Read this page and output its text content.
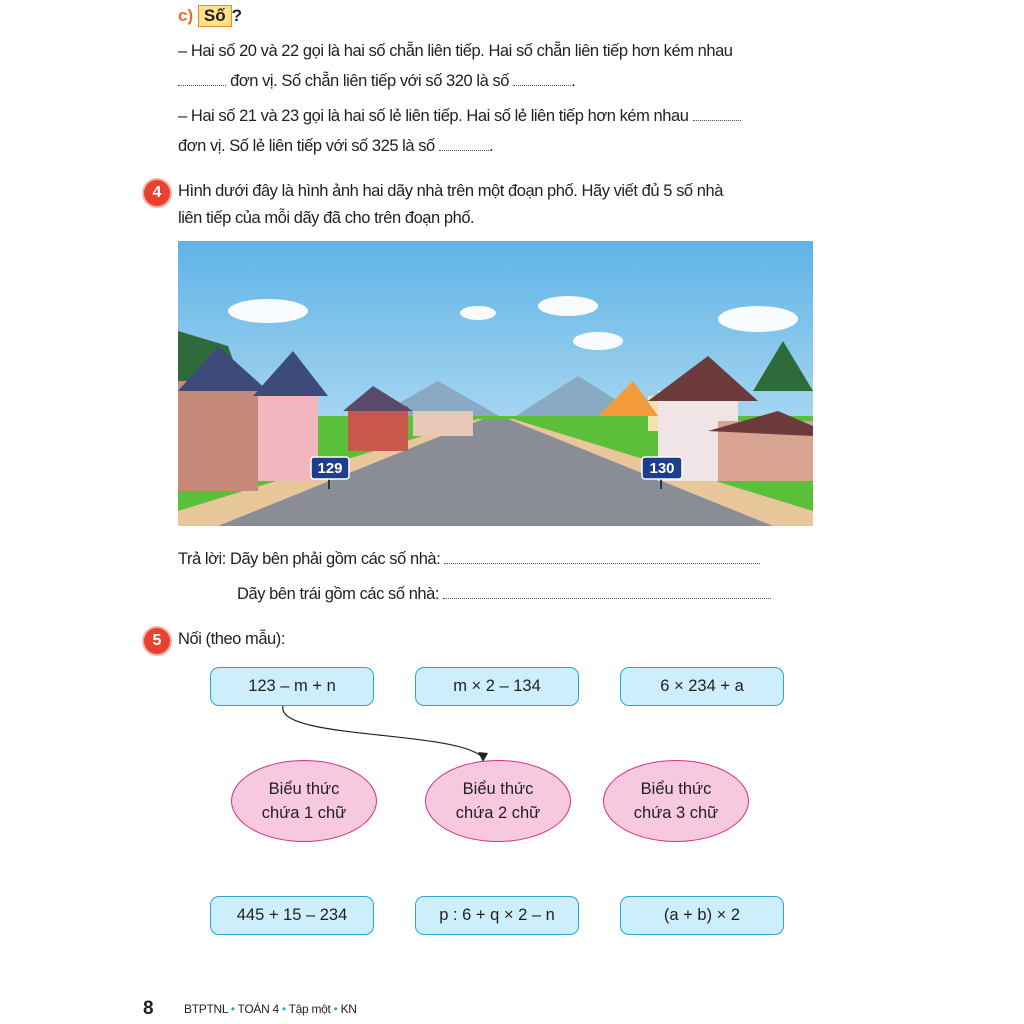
c) Số ?
– Hai số 20 và 22 gọi là hai số chẵn liên tiếp. Hai số chẵn liên tiếp hơn kém nhau
đơn vị. Số chẵn liên tiếp với số 320 là số	.
– Hai số 21 và 23 gọi là hai số lẻ liên tiếp. Hai số lẻ liên tiếp hơn kém nhau
đơn vị. Số lẻ liên tiếp với số 325 là số	.
4	Hình dưới đây là hình ảnh hai dãy nhà trên một đoạn phố. Hãy viết đủ 5 số nhà
liên tiếp của mỗi dãy đã cho trên đoạn phố.
129	130
Trả lời: Dãy bên phải gồm các số nhà:
Dãy bên trái gồm các số nhà:
5	Nối (theo mẫu):
123 – m + n	m × 2 – 134	6 × 234 + a
Biểu thức
chứa 1 chữ
Biểu thức
chứa 2 chữ
Biểu thức
chứa 3 chữ
445 + 15 – 234	p : 6 + q × 2 – n	(a + b) × 2
8	BTPTNL • TOÁN 4 • Tập một • KN
